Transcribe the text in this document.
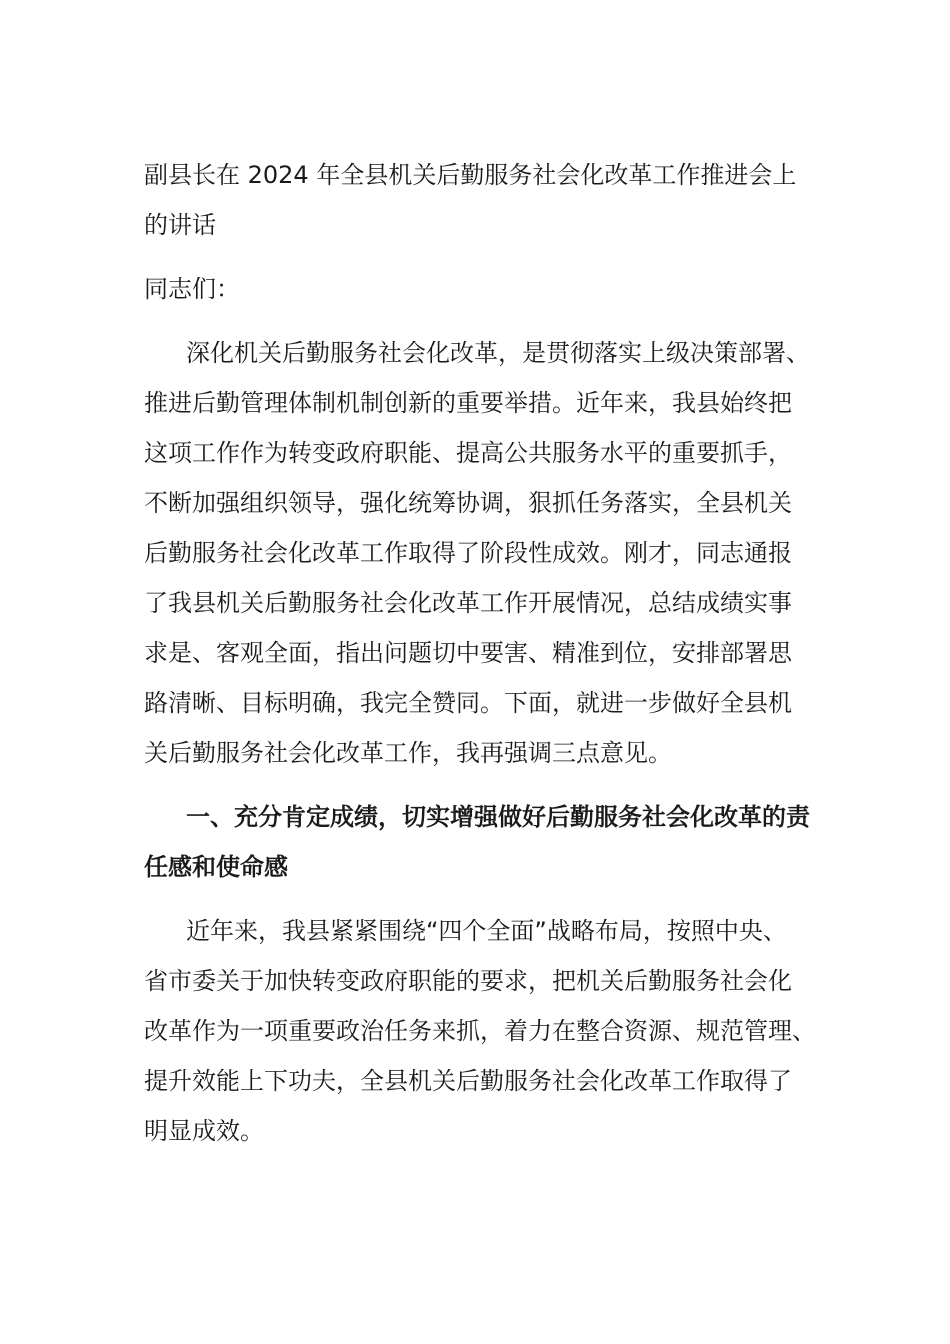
副县长在 2024 年全县机关后勤服务社会化改革工作推进会上
的讲话
同志们：
深化机关后勤服务社会化改革，是贯彻落实上级决策部署、
推进后勤管理体制机制创新的重要举措。近年来，我县始终把
这项工作作为转变政府职能、提高公共服务水平的重要抓手，
不断加强组织领导，强化统筹协调，狠抓任务落实，全县机关
后勤服务社会化改革工作取得了阶段性成效。刚才，同志通报
了我县机关后勤服务社会化改革工作开展情况，总结成绩实事
求是、客观全面，指出问题切中要害、精准到位，安排部署思
路清晰、目标明确，我完全赞同。下面，就进一步做好全县机
关后勤服务社会化改革工作，我再强调三点意见。
一、充分肯定成绩，切实增强做好后勤服务社会化改革的责
任感和使命感
近年来，我县紧紧围绕“四个全面”战略布局，按照中央、
省市委关于加快转变政府职能的要求，把机关后勤服务社会化
改革作为一项重要政治任务来抓，着力在整合资源、规范管理、
提升效能上下功夫，全县机关后勤服务社会化改革工作取得了
明显成效。
